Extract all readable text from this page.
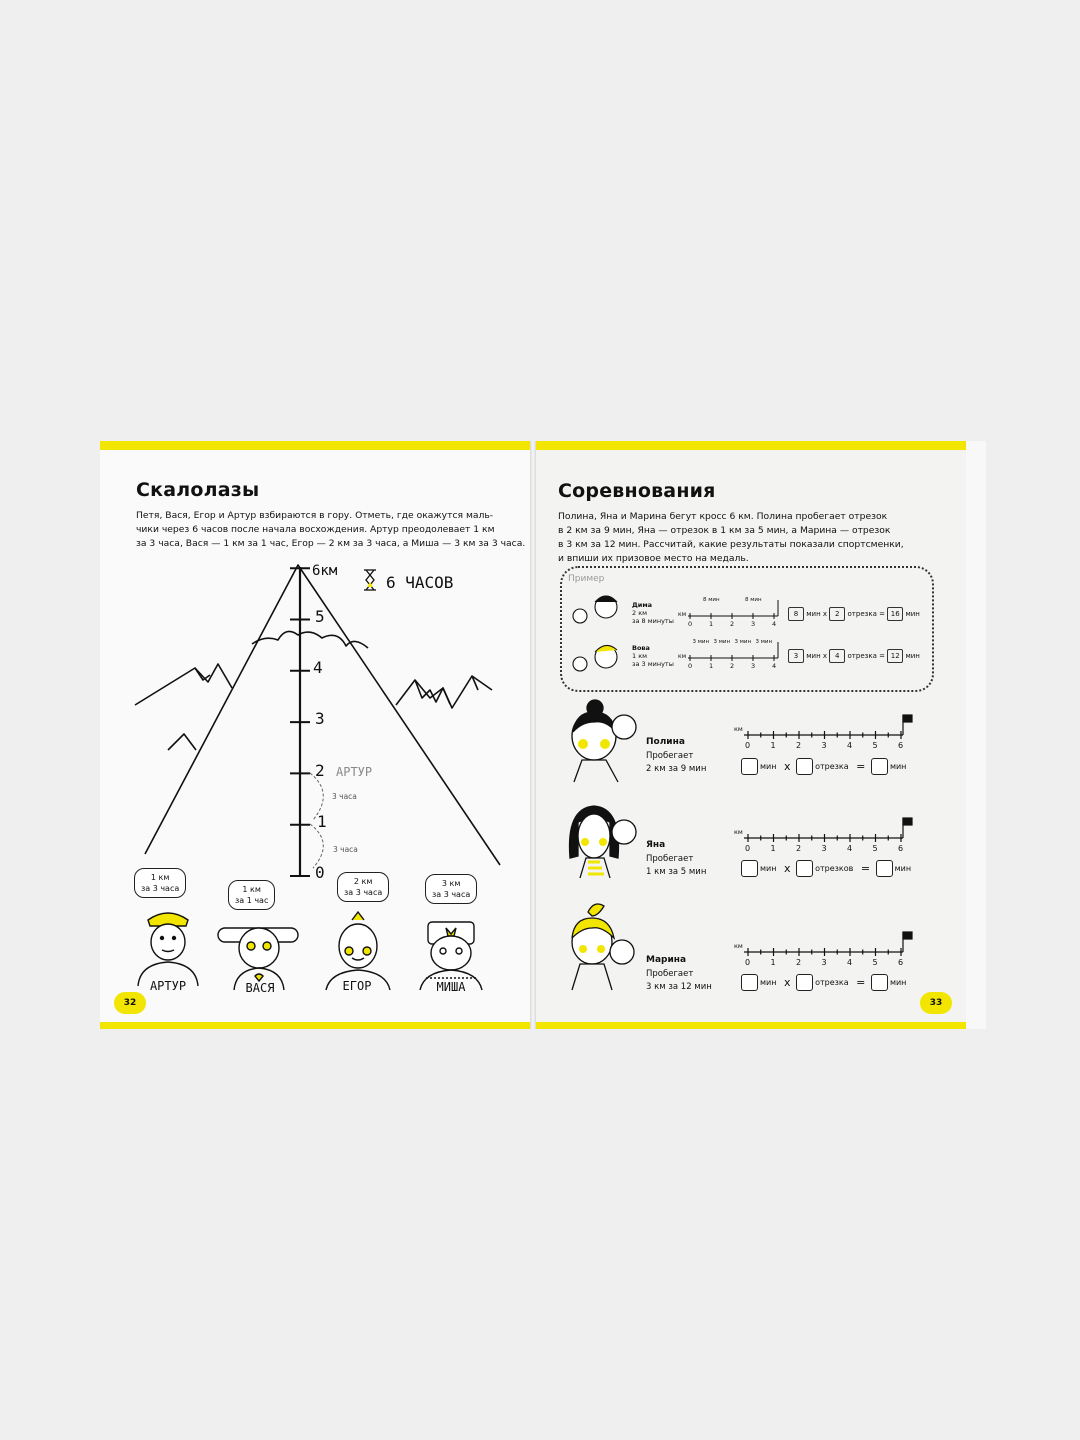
Скалолазы
Петя, Вася, Егор и Артур взбираются в гору. Отметь, где окажутся маль-
чики через 6 часов после начала восхождения. Артур преодолевает 1 км
за 3 часа, Вася — 1 км за 1 час, Егор — 2 км за 3 часа, а Миша — 3 км за 3 часа.
6км
5
4
3
2
1
0
АРТУР
3 часа
3 часа
6 ЧАСОВ
1 км
за 3 часа	1 км
за 1 час
2 км
за 3 часа
3 км
за 3 часа
АРТУР	ВАСЯ	ЕГОР	МИША
32
Соревнования
Полина, Яна и Марина бегут кросс 6 км. Полина пробегает отрезок
в 2 км за 9 мин, Яна — отрезок в 1 км за 5 мин, а Марина — отрезок
в 3 км за 12 мин. Рассчитай, какие результаты показали спортсменки,
и впиши их призовое место на медаль.
Пример
Дима
2 км
за 8 минуты
Вова
1 км
за 3 минуты
0	1	2	3	4
км
8 мин	8 мин
0	1	2	3	4
км
3 мин 3 мин 3 мин 3 мин
8 мин x 2 отрезка = 16 мин
3 мин x 4 отрезка = 12 мин
Полина
Пробегает
2 км за 9 мин
Яна
Пробегает
1 км за 5 мин
Марина
Пробегает
3 км за 12 мин
0	1	2	3	4	5	6
км
0	1	2	3	4	5	6
км
0	1	2	3	4	5	6
км
мин x	отрезка =	мин
мин x	отрезков =	мин
мин x	отрезка =	мин
33
